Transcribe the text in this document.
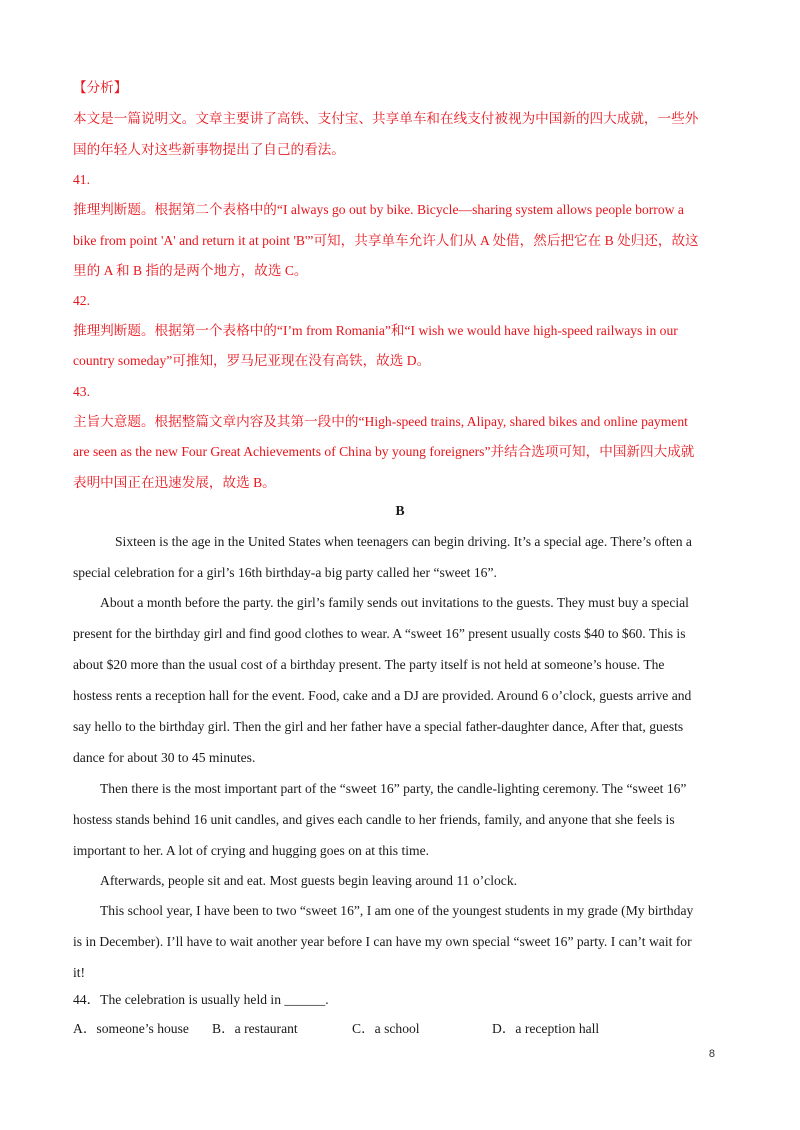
【分析】
本文是一篇说明文。文章主要讲了高铁、支付宝、共享单车和在线支付被视为中国新的四大成就，一些外
国的年轻人对这些新事物提出了自己的看法。
41.
推理判断题。根据第二个表格中的“I always go out by bike. Bicycle—sharing system allows people borrow a
bike from point 'A' and return it at point 'B'”可知，共享单车允许人们从 A 处借，然后把它在 B 处归还，故这
里的 A 和 B 指的是两个地方，故选 C。
42.
推理判断题。根据第一个表格中的“I’m from Romania”和“I wish we would have high-speed railways in our
country someday”可推知，罗马尼亚现在没有高铁，故选 D。
43.
主旨大意题。根据整篇文章内容及其第一段中的“High-speed trains, Alipay, shared bikes and online payment
are seen as the new Four Great Achievements of China by young foreigners”并结合选项可知，中国新四大成就
表明中国正在迅速发展，故选 B。
B
Sixteen is the age in the United States when teenagers can begin driving. It’s a special age. There’s often a
special celebration for a girl’s 16th birthday-a big party called her “sweet 16”.
About a month before the party. the girl’s family sends out invitations to the guests. They must buy a special
present for the birthday girl and find good clothes to wear. A “sweet 16” present usually costs $40 to $60. This is
about $20 more than the usual cost of a birthday present. The party itself is not held at someone’s house. The
hostess rents a reception hall for the event. Food, cake and a DJ are provided. Around 6 o’clock, guests arrive and
say hello to the birthday girl. Then the girl and her father have a special father-daughter dance, After that, guests
dance for about 30 to 45 minutes.
Then there is the most important part of the “sweet 16” party, the candle-lighting ceremony. The “sweet 16”
hostess stands behind 16 unit candles, and gives each candle to her friends, family, and anyone that she feels is
important to her. A lot of crying and hugging goes on at this time.
Afterwards, people sit and eat. Most guests begin leaving around 11 o’clock.
This school year, I have been to two “sweet 16”, I am one of the youngest students in my grade (My birthday
is in December). I’ll have to wait another year before I can have my own special “sweet 16” party. I can’t wait for
it!
44．The celebration is usually held in ______.
A．someone’s house B．a restaurant	C．a school	D．a reception hall
8
